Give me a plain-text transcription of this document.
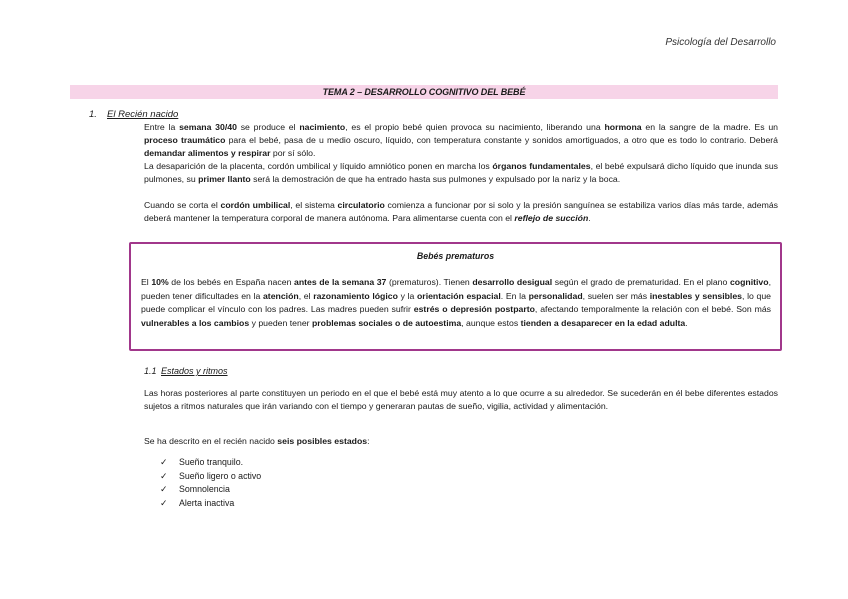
Psicología del Desarrollo
TEMA 2 – DESARROLLO COGNITIVO DEL BEBÉ
1. El Recién nacido
Entre la semana 30/40 se produce el nacimiento, es el propio bebé quien provoca su nacimiento, liberando una hormona en la sangre de la madre. Es un proceso traumático para el bebé, pasa de u medio oscuro, líquido, con temperatura constante y sonidos amortiguados, a otro que es todo lo contrario. Deberá demandar alimentos y respirar por sí sólo.
La desaparición de la placenta, cordón umbilical y líquido amniótico ponen en marcha los órganos fundamentales, el bebé expulsará dicho líquido que inunda sus pulmones, su primer llanto será la demostración de que ha entrado hasta sus pulmones y expulsado por la nariz y la boca.
Cuando se corta el cordón umbilical, el sistema circulatorio comienza a funcionar por si solo y la presión sanguínea se estabiliza varios días más tarde, además deberá mantener la temperatura corporal de manera autónoma. Para alimentarse cuenta con el reflejo de succión.
Bebés prematuros
El 10% de los bebés en España nacen antes de la semana 37 (prematuros). Tienen desarrollo desigual según el grado de prematuridad. En el plano cognitivo, pueden tener dificultades en la atención, el razonamiento lógico y la orientación espacial. En la personalidad, suelen ser más inestables y sensibles, lo que puede complicar el vínculo con los padres. Las madres pueden sufrir estrés o depresión postparto, afectando temporalmente la relación con el bebé. Son más vulnerables a los cambios y pueden tener problemas sociales o de autoestima, aunque estos tienden a desaparecer en la edad adulta.
1.1 Estados y ritmos
Las horas posteriores al parte constituyen un periodo en el que el bebé está muy atento a lo que ocurre a su alrededor. Se sucederán en él bebe diferentes estados sujetos a ritmos naturales que irán variando con el tiempo y generaran pautas de sueño, vigilia, actividad y alimentación.
Se ha descrito en el recién nacido seis posibles estados:
✓	Sueño tranquilo.
✓	Sueño ligero o activo
✓	Somnolencia
✓	Alerta inactiva
